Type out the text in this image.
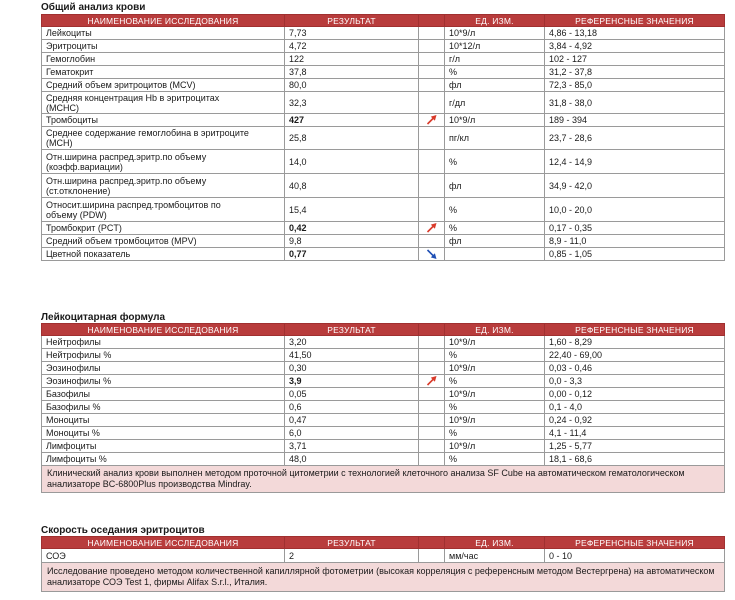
Общий анализ крови
НАИМЕНОВАНИЕ ИССЛЕДОВАНИЯ	РЕЗУЛЬТАТ		ЕД. ИЗМ.	РЕФЕРЕНСНЫЕ ЗНАЧЕНИЯ
Лейкоциты	7,73		10*9/л	4,86 - 13,18
Эритроциты	4,72		10*12/л	3,84 - 4,92
Гемоглобин	122		г/л	102 - 127
Гематокрит	37,8		%	31,2 - 37,8
Средний объем эритроцитов (MCV)	80,0		фл	72,3 - 85,0
Средняя концентрация Hb в эритроцитах
(МСНС)	32,3		г/дл	31,8 - 38,0
Тромбоциты	427		10*9/л	189 - 394
Среднее содержание гемоглобина в эритроците
(МСН)	25,8		пг/кл	23,7 - 28,6
Отн.ширина распред.эритр.по объему
(коэфф.вариации)	14,0		%	12,4 - 14,9
Отн.ширина распред.эритр.по объему
(ст.отклонение)	40,8		фл	34,9 - 42,0
Относит.ширина распред.тромбоцитов по
объему (PDW)	15,4		%	10,0 - 20,0
Тромбокрит (PCT)	0,42		%	0,17 - 0,35
Средний объем тромбоцитов (MPV)	9,8		фл	8,9 - 11,0
Цветной показатель	0,77			0,85 - 1,05
Лейкоцитарная формула
НАИМЕНОВАНИЕ ИССЛЕДОВАНИЯ	РЕЗУЛЬТАТ		ЕД. ИЗМ.	РЕФЕРЕНСНЫЕ ЗНАЧЕНИЯ
Нейтрофилы	3,20		10*9/л	1,60 - 8,29
Нейтрофилы %	41,50		%	22,40 - 69,00
Эозинофилы	0,30		10*9/л	0,03 - 0,46
Эозинофилы %	3,9		%	0,0 - 3,3
Базофилы	0,05		10*9/л	0,00 - 0,12
Базофилы %	0,6		%	0,1 - 4,0
Моноциты	0,47		10*9/л	0,24 - 0,92
Моноциты %	6,0		%	4,1 - 11,4
Лимфоциты	3,71		10*9/л	1,25 - 5,77
Лимфоциты %	48,0		%	18,1 - 68,6
Клинический анализ крови выполнен методом проточной цитометрии с технологией клеточного анализа SF Cube на автоматическом гематологическом анализаторе BC-6800Plus производства Mindray.				
Скорость оседания эритроцитов
НАИМЕНОВАНИЕ ИССЛЕДОВАНИЯ	РЕЗУЛЬТАТ		ЕД. ИЗМ.	РЕФЕРЕНСНЫЕ ЗНАЧЕНИЯ
СОЭ	2		мм/час	0 - 10
Исследование проведено методом количественной капиллярной фотометрии (высокая корреляция с референсным методом Вестергрена) на автоматическом анализаторе СОЭ Test 1, фирмы Alifax S.r.l., Италия.				
